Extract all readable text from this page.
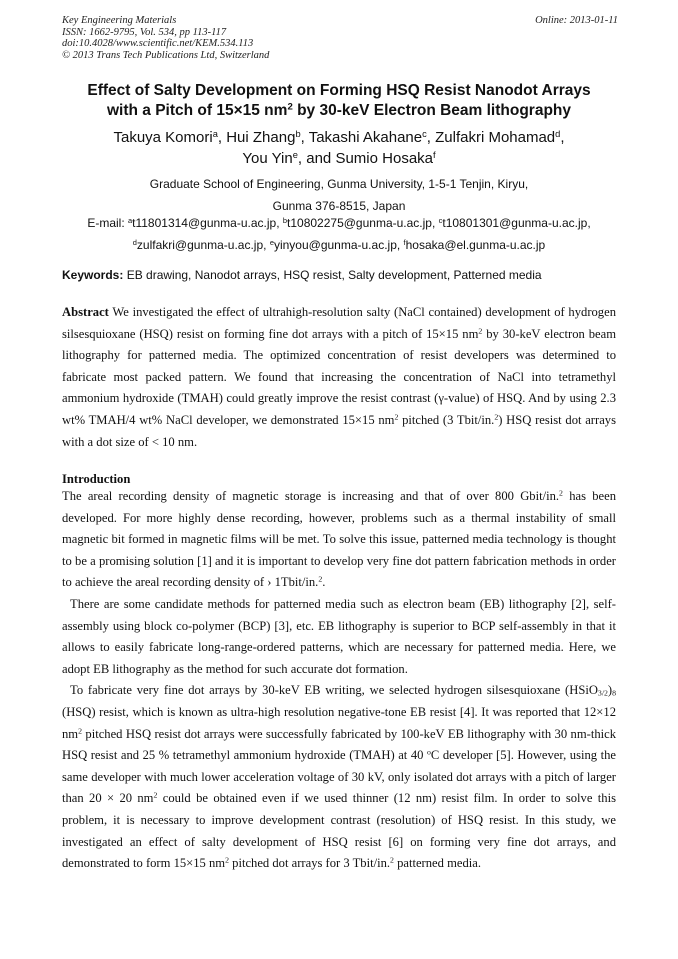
Key Engineering Materials
ISSN: 1662-9795, Vol. 534, pp 113-117
doi:10.4028/www.scientific.net/KEM.534.113
© 2013 Trans Tech Publications Ltd, Switzerland
Online: 2013-01-11
Effect of Salty Development on Forming HSQ Resist Nanodot Arrays
with a Pitch of 15×15 $nm^2$ by 30-keV Electron Beam lithography
Takuya Komori$^a$, Hui Zhang$^b$, Takashi Akahane$^c$, Zulfakri Mohamad$^d$,
You Yin$^e$, and Sumio Hosaka$^f$
Graduate School of Engineering, Gunma University, 1-5-1 Tenjin, Kiryu,
Gunma 376-8515, Japan
E-mail: $^a$t11801314@gunma-u.ac.jp, $^b$t10802275@gunma-u.ac.jp, $^c$t10801301@gunma-u.ac.jp,
$^d$zulfakri@gunma-u.ac.jp, $^e$yinyou@gunma-u.ac.jp, $^f$hosaka@el.gunma-u.ac.jp
Keywords: EB drawing, Nanodot arrays, HSQ resist, Salty development, Patterned media

Abstract We investigated the effect of ultrahigh-resolution salty (NaCl contained) development of hydrogen silsesquioxane (HSQ) resist on forming fine dot arrays with a pitch of 15×15 $nm^2$ by 30-keV electron beam lithography for patterned media. The optimized concentration of resist developers was determined to fabricate most packed pattern. We found that increasing the concentration of NaCl into tetramethyl ammonium hydroxide (TMAH) could greatly improve the resist contrast (γ-value) of HSQ. And by using 2.3 wt% TMAH/4 wt% NaCl developer, we demonstrated 15×15 $nm^2$ pitched (3 Tbit/in.$^2$) HSQ resist dot arrays with a dot size of < 10 nm.

Introduction

The areal recording density of magnetic storage is increasing and that of over 800 Gbit/in.$^2$ has been developed. For more highly dense recording, however, problems such as a thermal instability of small magnetic bit formed in magnetic films will be met. To solve this issue, patterned media technology is thought to be a promising solution [1] and it is important to develop very fine dot pattern fabrication methods in order to achieve the areal recording density of › 1Tbit/in.$^2$.

There are some candidate methods for patterned media such as electron beam (EB) lithography [2], self-assembly using block co-polymer (BCP) [3], etc. EB lithography is superior to BCP self-assembly in that it allows to easily fabricate long-range-ordered patterns, which are necessary for patterned media. Here, we adopt EB lithography as the method for such accurate dot formation.

To fabricate very fine dot arrays by 30-keV EB writing, we selected hydrogen silsesquioxane $(HSiO_{3/2})_8$ (HSQ) resist, which is known as ultra-high resolution negative-tone EB resist [4]. It was reported that 12×12 $nm^2$ pitched HSQ resist dot arrays were successfully fabricated by 100-keV EB lithography with 30 nm-thick HSQ resist and 25 % tetramethyl ammonium hydroxide (TMAH) at 40 $^o$C developer [5]. However, using the same developer with much lower acceleration voltage of 30 kV, only isolated dot arrays with a pitch of larger than 20 × 20 $nm^2$ could be obtained even if we used thinner (12 nm) resist film. In order to solve this problem, it is necessary to improve development contrast (resolution) of HSQ resist. In this study, we investigated an effect of salty development of HSQ resist [6] on forming very fine dot arrays, and demonstrated to form 15×15 $nm^2$ pitched dot arrays for 3 Tbit/in.$^2$ patterned media.
